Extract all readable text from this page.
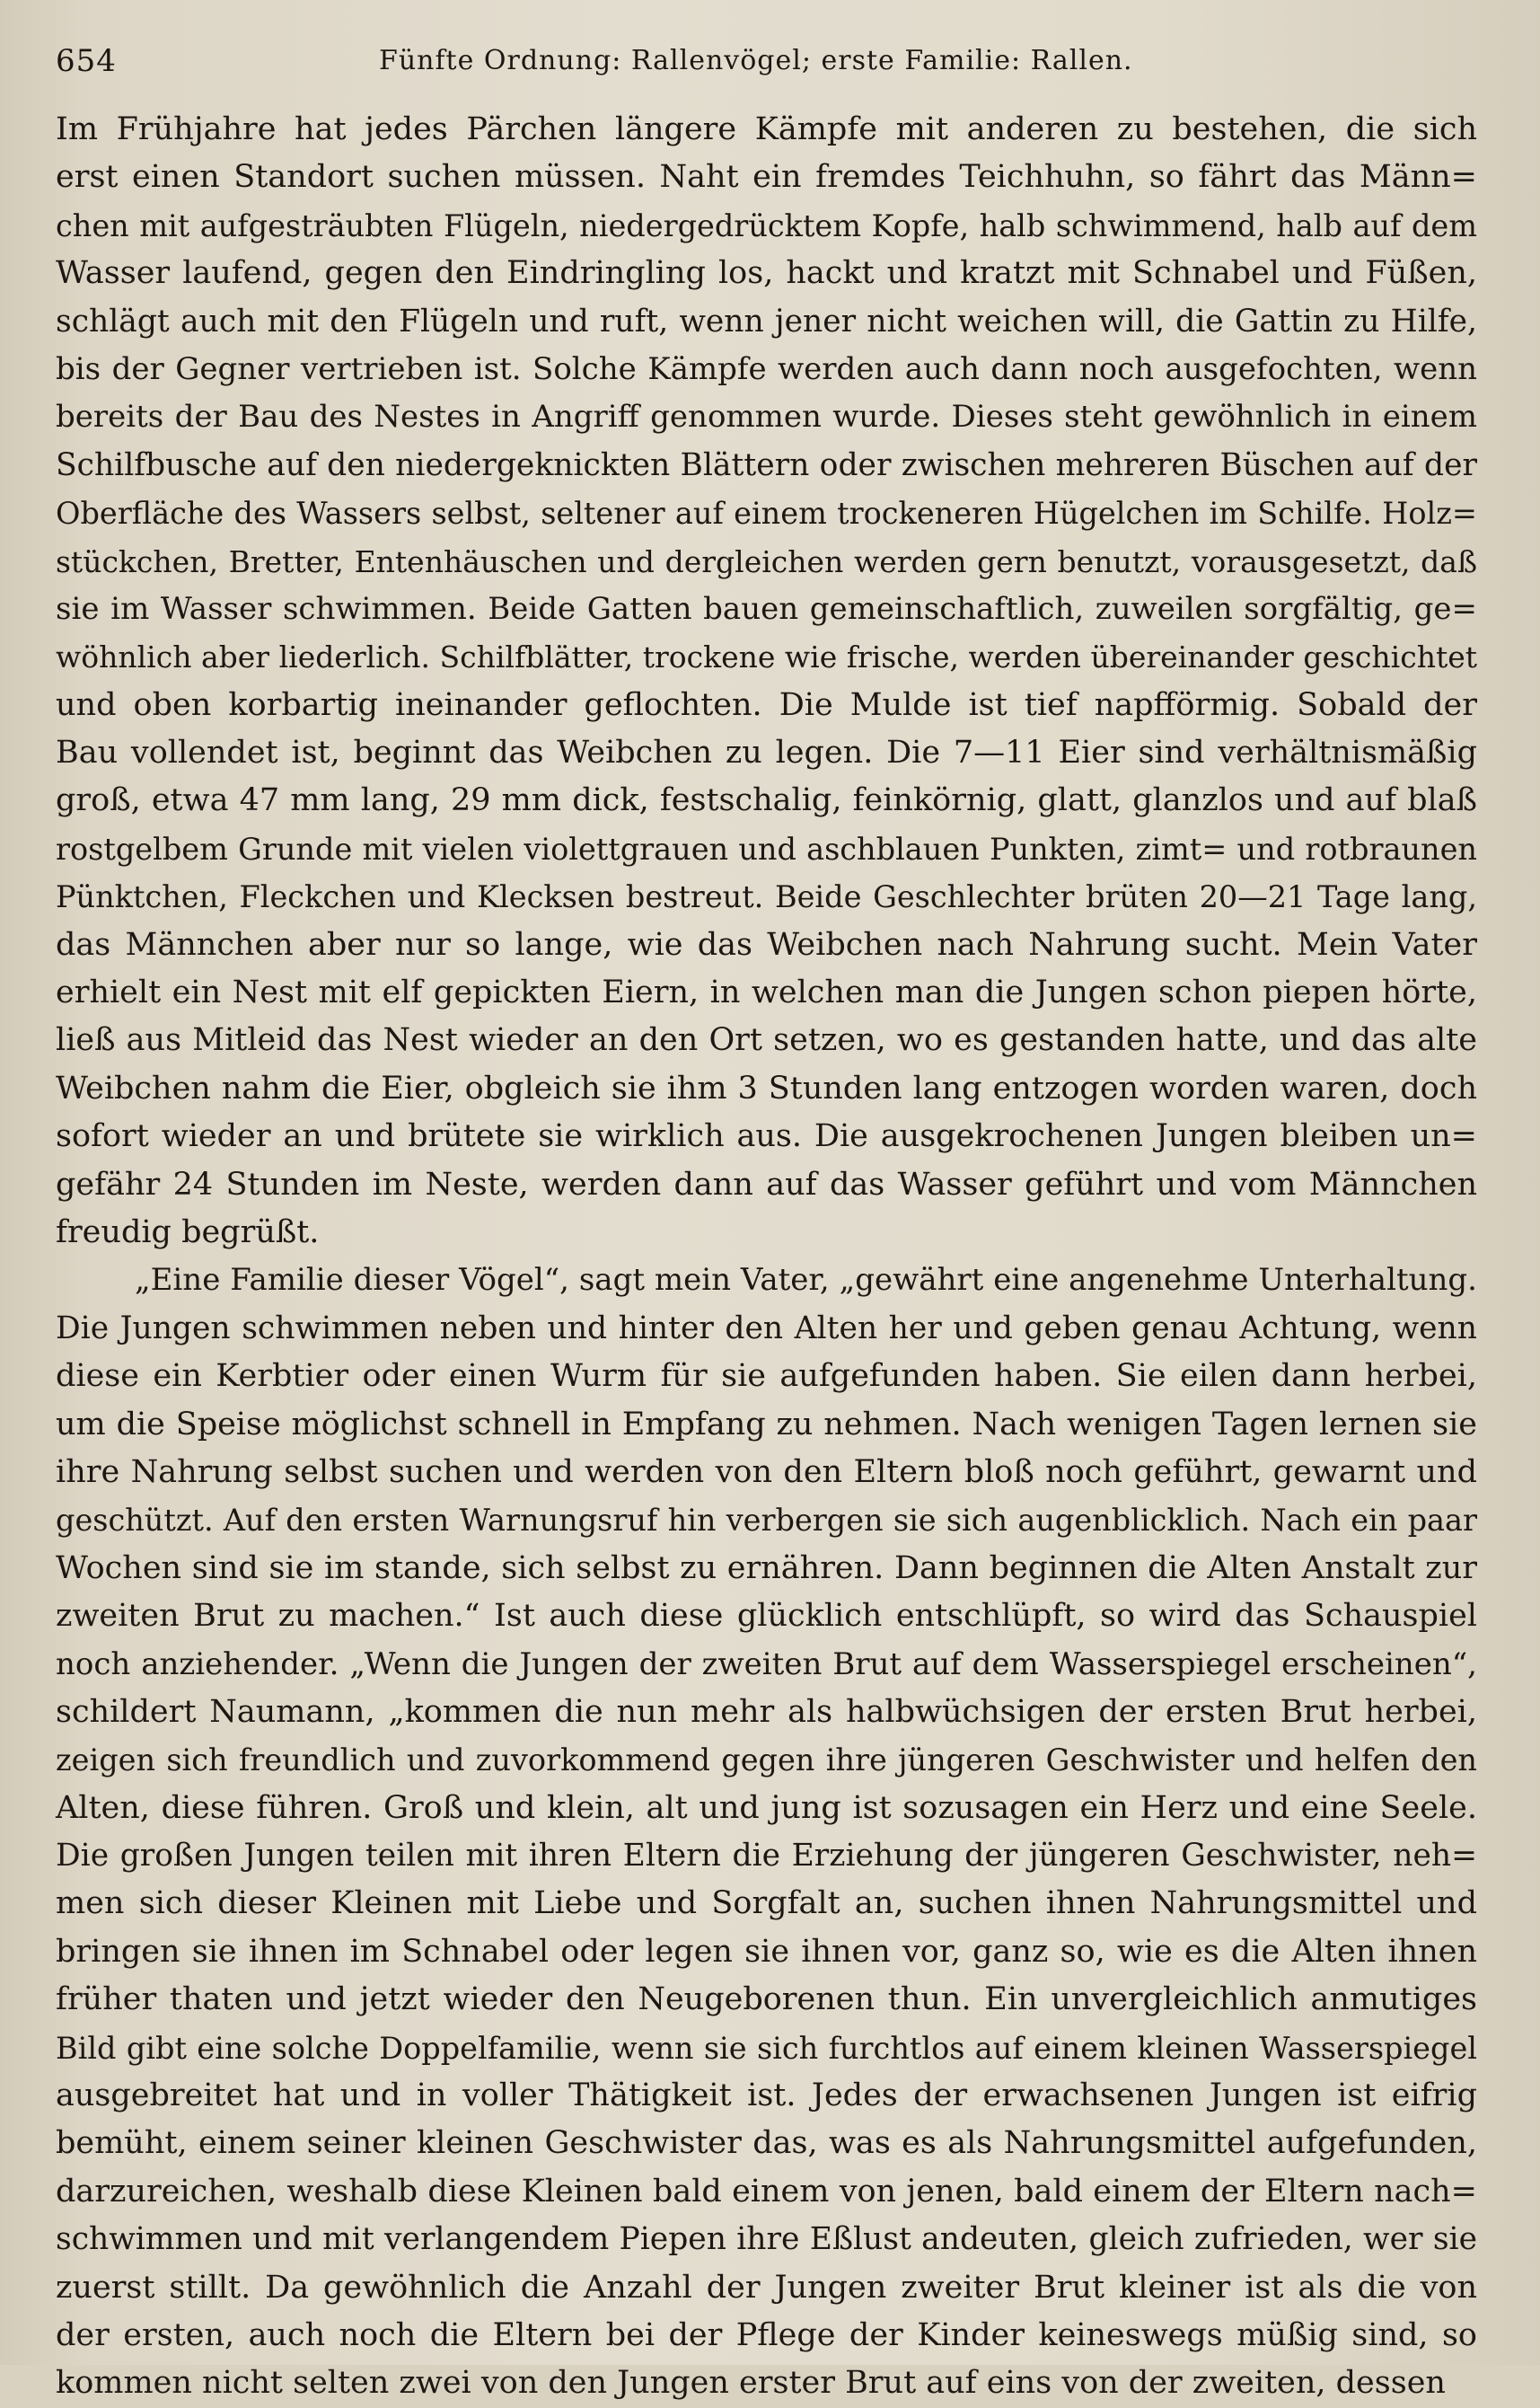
654	Fünfte Ordnung: Rallenvögel; erste Familie: Rallen.
Im Frühjahre hat jedes Pärchen längere Kämpfe mit anderen zu bestehen, die sich
erst einen Standort suchen müssen. Naht ein fremdes Teichhuhn, so fährt das Männ=
chen mit aufgesträubten Flügeln, niedergedrücktem Kopfe, halb schwimmend, halb auf dem
Wasser laufend, gegen den Eindringling los, hackt und kratzt mit Schnabel und Füßen,
schlägt auch mit den Flügeln und ruft, wenn jener nicht weichen will, die Gattin zu Hilfe,
bis der Gegner vertrieben ist. Solche Kämpfe werden auch dann noch ausgefochten, wenn
bereits der Bau des Nestes in Angriff genommen wurde. Dieses steht gewöhnlich in einem
Schilfbusche auf den niedergeknickten Blättern oder zwischen mehreren Büschen auf der
Oberfläche des Wassers selbst, seltener auf einem trockeneren Hügelchen im Schilfe. Holz=
stückchen, Bretter, Entenhäuschen und dergleichen werden gern benutzt, vorausgesetzt, daß
sie im Wasser schwimmen. Beide Gatten bauen gemeinschaftlich, zuweilen sorgfältig, ge=
wöhnlich aber liederlich. Schilfblätter, trockene wie frische, werden übereinander geschichtet
und oben korbartig ineinander geflochten. Die Mulde ist tief napfförmig. Sobald der
Bau vollendet ist, beginnt das Weibchen zu legen. Die 7—11 Eier sind verhältnismäßig
groß, etwa 47 mm lang, 29 mm dick, festschalig, feinkörnig, glatt, glanzlos und auf blaß
rostgelbem Grunde mit vielen violettgrauen und aschblauen Punkten, zimt= und rotbraunen
Pünktchen, Fleckchen und Klecksen bestreut. Beide Geschlechter brüten 20—21 Tage lang,
das Männchen aber nur so lange, wie das Weibchen nach Nahrung sucht. Mein Vater
erhielt ein Nest mit elf gepickten Eiern, in welchen man die Jungen schon piepen hörte,
ließ aus Mitleid das Nest wieder an den Ort setzen, wo es gestanden hatte, und das alte
Weibchen nahm die Eier, obgleich sie ihm 3 Stunden lang entzogen worden waren, doch
sofort wieder an und brütete sie wirklich aus. Die ausgekrochenen Jungen bleiben un=
gefähr 24 Stunden im Neste, werden dann auf das Wasser geführt und vom Männchen
freudig begrüßt.
„Eine Familie dieser Vögel“, sagt mein Vater, „gewährt eine angenehme Unterhaltung.
Die Jungen schwimmen neben und hinter den Alten her und geben genau Achtung, wenn
diese ein Kerbtier oder einen Wurm für sie aufgefunden haben. Sie eilen dann herbei,
um die Speise möglichst schnell in Empfang zu nehmen. Nach wenigen Tagen lernen sie
ihre Nahrung selbst suchen und werden von den Eltern bloß noch geführt, gewarnt und
geschützt. Auf den ersten Warnungsruf hin verbergen sie sich augenblicklich. Nach ein paar
Wochen sind sie im stande, sich selbst zu ernähren. Dann beginnen die Alten Anstalt zur
zweiten Brut zu machen.“ Ist auch diese glücklich entschlüpft, so wird das Schauspiel
noch anziehender. „Wenn die Jungen der zweiten Brut auf dem Wasserspiegel erscheinen“,
schildert Naumann, „kommen die nun mehr als halbwüchsigen der ersten Brut herbei,
zeigen sich freundlich und zuvorkommend gegen ihre jüngeren Geschwister und helfen den
Alten, diese führen. Groß und klein, alt und jung ist sozusagen ein Herz und eine Seele.
Die großen Jungen teilen mit ihren Eltern die Erziehung der jüngeren Geschwister, neh=
men sich dieser Kleinen mit Liebe und Sorgfalt an, suchen ihnen Nahrungsmittel und
bringen sie ihnen im Schnabel oder legen sie ihnen vor, ganz so, wie es die Alten ihnen
früher thaten und jetzt wieder den Neugeborenen thun. Ein unvergleichlich anmutiges
Bild gibt eine solche Doppelfamilie, wenn sie sich furchtlos auf einem kleinen Wasserspiegel
ausgebreitet hat und in voller Thätigkeit ist. Jedes der erwachsenen Jungen ist eifrig
bemüht, einem seiner kleinen Geschwister das, was es als Nahrungsmittel aufgefunden,
darzureichen, weshalb diese Kleinen bald einem von jenen, bald einem der Eltern nach=
schwimmen und mit verlangendem Piepen ihre Eßlust andeuten, gleich zufrieden, wer sie
zuerst stillt. Da gewöhnlich die Anzahl der Jungen zweiter Brut kleiner ist als die von
der ersten, auch noch die Eltern bei der Pflege der Kinder keineswegs müßig sind, so
kommen nicht selten zwei von den Jungen erster Brut auf eins von der zweiten, dessen
